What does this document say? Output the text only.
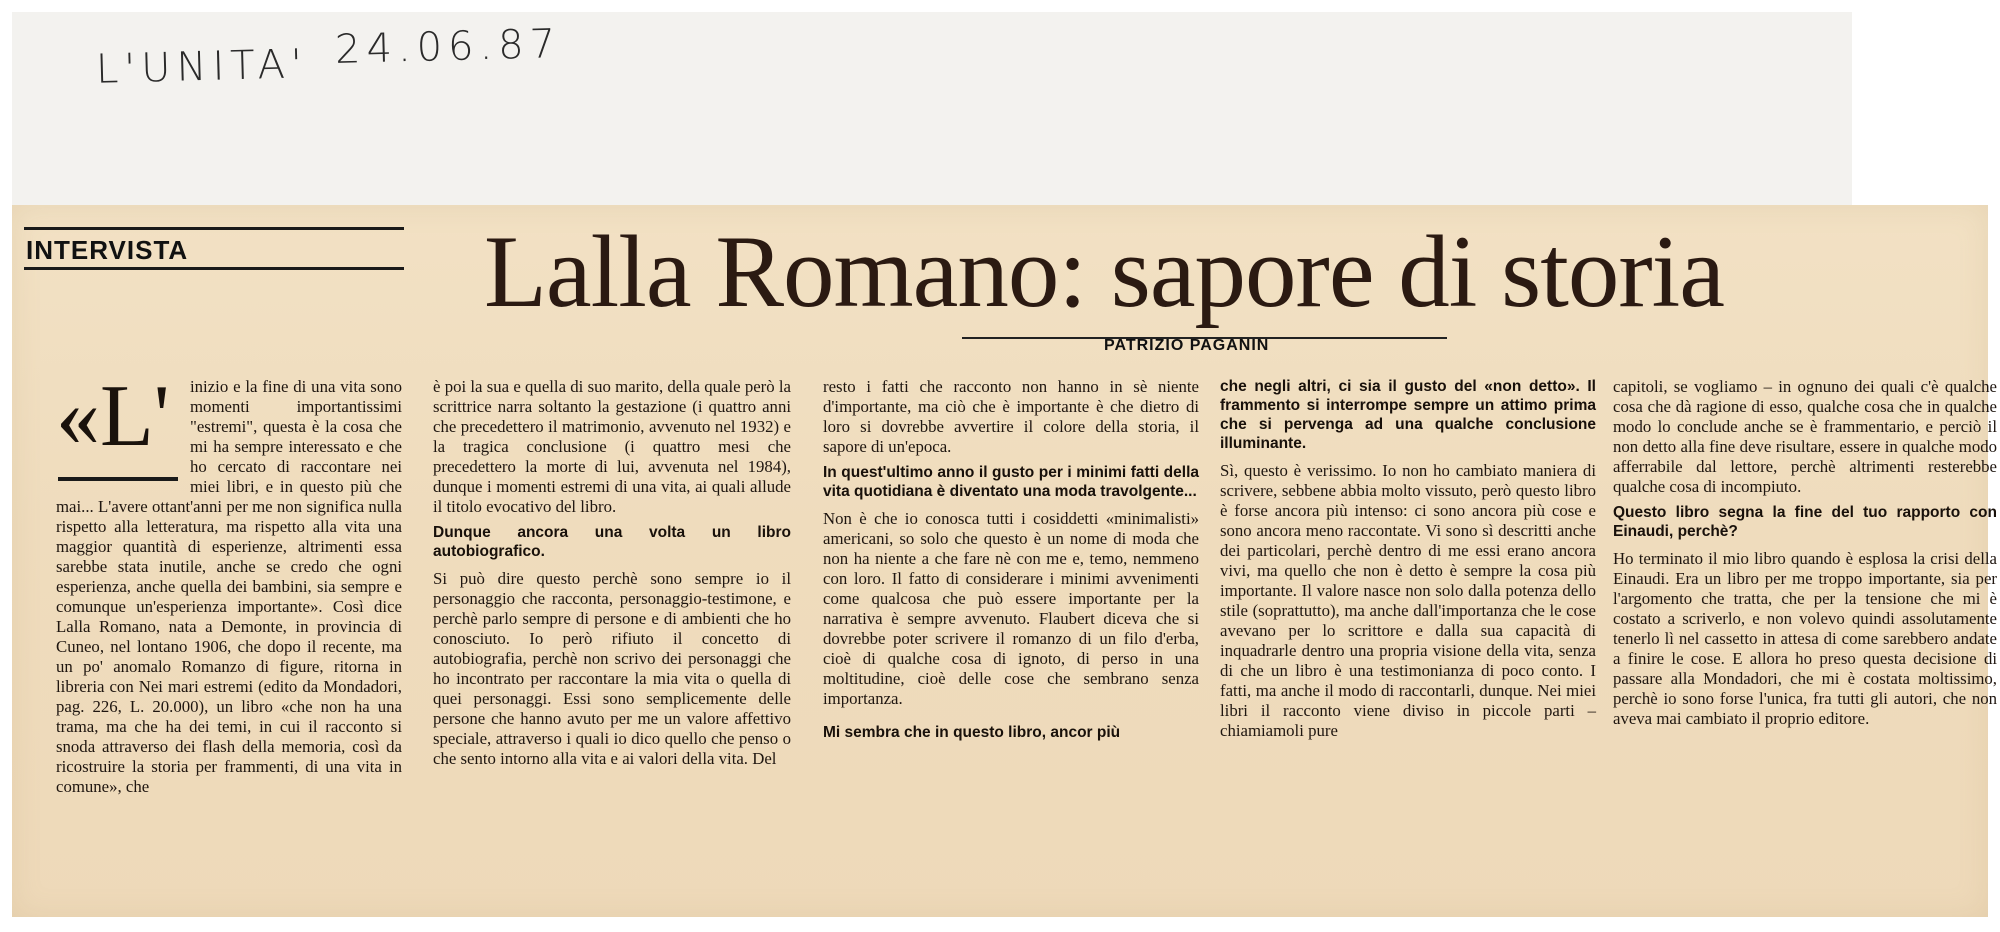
L'UNITA' 24.06.87
INTERVISTA	Lalla Romano: sapore di storia
PATRIZIO PAGANIN
«L'	inizio e la fine di una vita sono momenti importantissimi "estremi", questa è la cosa che mi ha sempre interessato e che ho cercato di raccontare nei miei libri, e in questo più che mai... L'avere ottant'anni per me non significa nulla rispetto alla letteratura, ma rispetto alla vita una maggior quantità di esperienze, altrimenti essa sarebbe stata inutile, anche se credo che ogni esperienza, anche quella dei bambini, sia sempre e comunque un'esperienza importante». Così dice Lalla Romano, nata a Demonte, in provincia di Cuneo, nel lontano 1906, che dopo il recente, ma un po' anomalo Romanzo di figure, ritorna in libreria con Nei mari estremi (edito da Mondadori, pag. 226, L. 20.000), un libro «che non ha una trama, ma che ha dei temi, in cui il racconto si snoda attraverso dei flash della memoria, così da ricostruire la storia per frammenti, di una vita in comune», che

è poi la sua e quella di suo marito, della quale però la scrittrice narra soltanto la gestazione (i quattro anni che precedettero il matrimonio, avvenuto nel 1932) e la tragica conclusione (i quattro mesi che precedettero la morte di lui, avvenuta nel 1984), dunque i momenti estremi di una vita, ai quali allude il titolo evocativo del libro.

Dunque ancora una volta un libro autobiografico.

Si può dire questo perchè sono sempre io il personaggio che racconta, personaggio-testimone, e perchè parlo sempre di persone e di ambienti che ho conosciuto. Io però rifiuto il concetto di autobiografia, perchè non scrivo dei personaggi che ho incontrato per raccontare la mia vita o quella di quei personaggi. Essi sono semplicemente delle persone che hanno avuto per me un valore affettivo speciale, attraverso i quali io dico quello che penso o che sento intorno alla vita e ai valori della vita. Del

resto i fatti che racconto non hanno in sè niente d'importante, ma ciò che è importante è che dietro di loro si dovrebbe avvertire il colore della storia, il sapore di un'epoca.

In quest'ultimo anno il gusto per i minimi fatti della vita quotidiana è diventato una moda travolgente...

Non è che io conosca tutti i cosiddetti «minimalisti» americani, so solo che questo è un nome di moda che non ha niente a che fare nè con me e, temo, nemmeno con loro. Il fatto di considerare i minimi avvenimenti come qualcosa che può essere importante per la narrativa è sempre avvenuto. Flaubert diceva che si dovrebbe poter scrivere il romanzo di un filo d'erba, cioè di qualche cosa di ignoto, di perso in una moltitudine, cioè delle cose che sembrano senza importanza.

Mi sembra che in questo libro, ancor più

che negli altri, ci sia il gusto del «non detto». Il frammento si interrompe sempre un attimo prima che si pervenga ad una qualche conclusione illuminante.

Sì, questo è verissimo. Io non ho cambiato maniera di scrivere, sebbene abbia molto vissuto, però questo libro è forse ancora più intenso: ci sono ancora più cose e sono ancora meno raccontate. Vi sono sì descritti anche dei particolari, perchè dentro di me essi erano ancora vivi, ma quello che non è detto è sempre la cosa più importante. Il valore nasce non solo dalla potenza dello stile (soprattutto), ma anche dall'importanza che le cose avevano per lo scrittore e dalla sua capacità di inquadrarle dentro una propria visione della vita, senza di che un libro è una testimonianza di poco conto. I fatti, ma anche il modo di raccontarli, dunque. Nei miei libri il racconto viene diviso in piccole parti – chiamiamoli pure

capitoli, se vogliamo – in ognuno dei quali c'è qualche cosa che dà ragione di esso, qualche cosa che in qualche modo lo conclude anche se è frammentario, e perciò il non detto alla fine deve risultare, essere in qualche modo afferrabile dal lettore, perchè altrimenti resterebbe qualche cosa di incompiuto.

Questo libro segna la fine del tuo rapporto con Einaudi, perchè?

Ho terminato il mio libro quando è esplosa la crisi della Einaudi. Era un libro per me troppo importante, sia per l'argomento che tratta, che per la tensione che mi è costato a scriverlo, e non volevo quindi assolutamente tenerlo lì nel cassetto in attesa di come sarebbero andate a finire le cose. E allora ho preso questa decisione di passare alla Mondadori, che mi è costata moltissimo, perchè io sono forse l'unica, fra tutti gli autori, che non aveva mai cambiato il proprio editore.
